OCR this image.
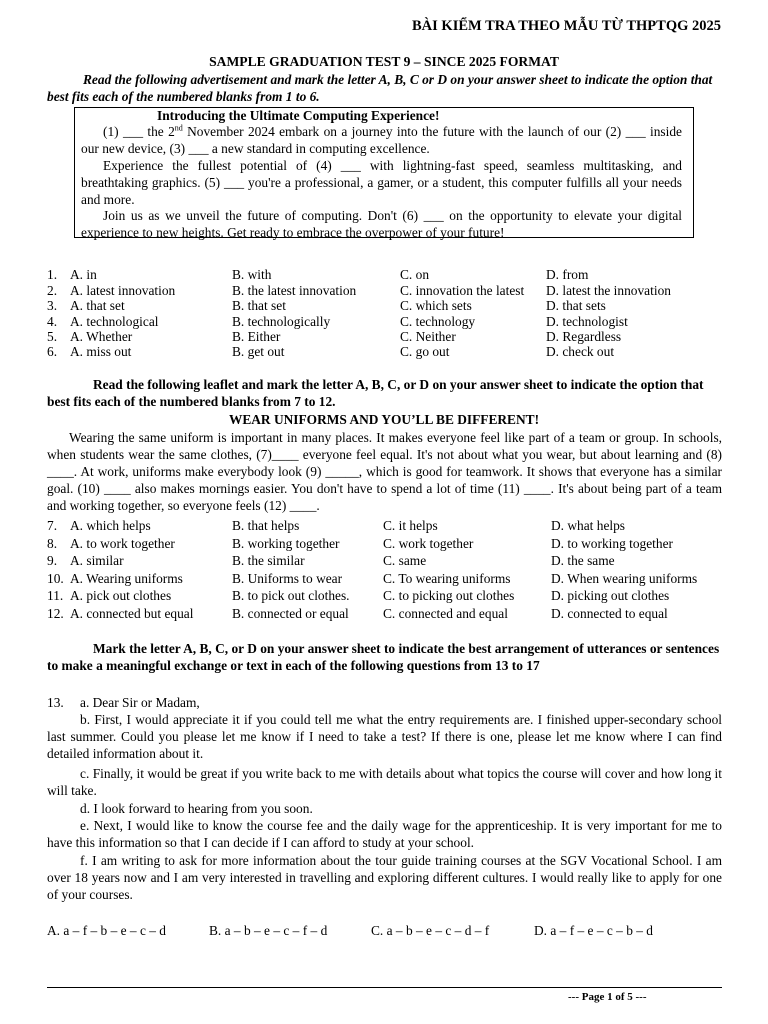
BÀI KIỂM TRA THEO MẪU TỪ THPTQG 2025
SAMPLE GRADUATION TEST 9 – SINCE 2025 FORMAT
Read the following advertisement and mark the letter A, B, C or D on your answer sheet to indicate the option that best fits each of the numbered blanks from 1 to 6.
Introducing the Ultimate Computing Experience!
(1) ___ the 2nd November 2024 embark on a journey into the future with the launch of our (2) ___ inside our new device, (3) ___ a new standard in computing excellence.
Experience the fullest potential of (4) ___ with lightning-fast speed, seamless multitasking, and breathtaking graphics. (5) ___ you're a professional, a gamer, or a student, this computer fulfills all your needs and more.
Join us as we unveil the future of computing. Don't (6) ___ on the opportunity to elevate your digital experience to new heights. Get ready to embrace the overpower of your future!
1. A. in	B. with	C. on	D. from
2. A. latest innovation	B. the latest innovation	C. innovation the latest D. latest the innovation
3. A. that set	B. that set	C. which sets	D. that sets
4. A. technological	B. technologically	C. technology	D. technologist
5. A. Whether	B. Either	C. Neither	D. Regardless
6. A. miss out	B. get out	C. go out	D. check out
Read the following leaflet and mark the letter A, B, C, or D on your answer sheet to indicate the option that best fits each of the numbered blanks from 7 to 12.
WEAR UNIFORMS AND YOU’LL BE DIFFERENT!
Wearing the same uniform is important in many places. It makes everyone feel like part of a team or group. In schools, when students wear the same clothes, (7)____ everyone feel equal. It's not about what you wear, but about learning and (8) ____. At work, uniforms make everybody look (9) _____, which is good for teamwork. It shows that everyone has a similar goal. (10) ____ also makes mornings easier. You don't have to spend a lot of time (11) ____. It's about being part of a team and working together, so everyone feels (12) ____.
7. A. which helps	B. that helps	C. it helps	D. what helps
8. A. to work together	B. working together	C. work together	D. to working together
9. A. similar	B. the similar	C. same	D. the same
10. A. Wearing uniforms	B. Uniforms to wear	C. To wearing uniforms	D. When wearing uniforms
11. A. pick out clothes	B. to pick out clothes. C. to picking out clothes	D. picking out clothes
12. A. connected but equal	B. connected or equal	C. connected and equal	D. connected to equal
Mark the letter A, B, C, or D on your answer sheet to indicate the best arrangement of utterances or sentences to make a meaningful exchange or text in each of the following questions from 13 to 17
13. a. Dear Sir or Madam,
b. First, I would appreciate it if you could tell me what the entry requirements are. I finished upper-secondary school last summer. Could you please let me know if I need to take a test? If there is one, please let me know where I can find detailed information about it.
c. Finally, it would be great if you write back to me with details about what topics the course will cover and how long it will take.
d. I look forward to hearing from you soon.
e. Next, I would like to know the course fee and the daily wage for the apprenticeship. It is very important for me to have this information so that I can decide if I can afford to study at your school.
f. I am writing to ask for more information about the tour guide training courses at the SGV Vocational School. I am over 18 years now and I am very interested in travelling and exploring different cultures. I would really like to apply for one of your courses.
A. a – f – b – e – c – d	B. a – b – e – c – f – d	C. a – b – e – c – d – f	D. a – f – e – c – b – d
--- Page 1 of 5 ---
